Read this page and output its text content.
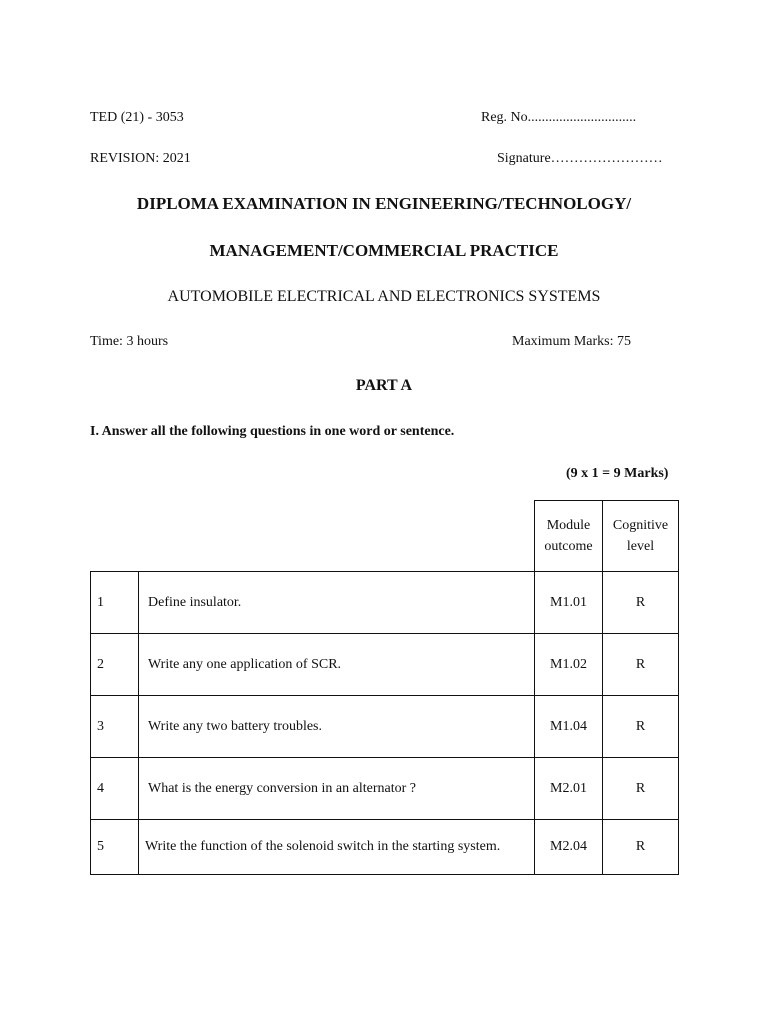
TED (21) - 3053	Reg. No...............................
REVISION: 2021	Signature……………………
DIPLOMA EXAMINATION IN ENGINEERING/TECHNOLOGY/
MANAGEMENT/COMMERCIAL PRACTICE
AUTOMOBILE ELECTRICAL AND ELECTRONICS SYSTEMS
Time: 3 hours	Maximum Marks: 75
PART A
I. Answer all the following questions in one word or sentence.
(9 x 1 = 9 Marks)
		Module outcome	Cognitive level
1	Define insulator.	M1.01	R
2	Write any one application of SCR.	M1.02	R
3	Write any two battery troubles.	M1.04	R
4	What is the energy conversion in an alternator ?	M2.01	R
5	Write the function of the solenoid switch in the starting system.	M2.04	R
